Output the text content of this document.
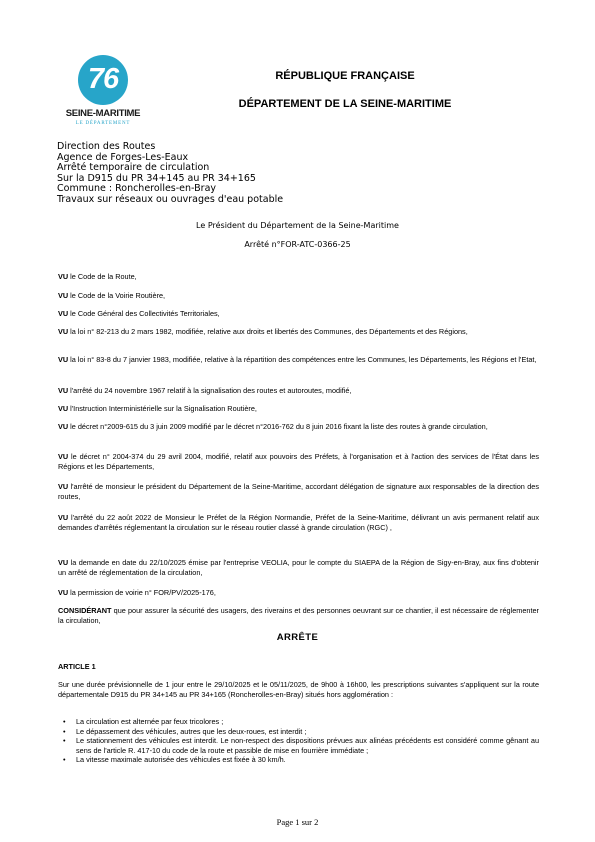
76
SEINE-MARITIME
LE DÉPARTEMENT
RÉPUBLIQUE FRANÇAISE
DÉPARTEMENT DE LA SEINE-MARITIME
Direction des Routes
Agence de Forges-Les-Eaux
Arrêté temporaire de circulation
Sur la D915 du PR 34+145 au PR 34+165
Commune : Roncherolles-en-Bray
Travaux sur réseaux ou ouvrages d'eau potable
Le Président du Département de la Seine-Maritime
Arrêté n°FOR-ATC-0366-25
VU le Code de la Route,
VU le Code de la Voirie Routière,
VU le Code Général des Collectivités Territoriales,
VU la loi n° 82-213 du 2 mars 1982, modifiée, relative aux droits et libertés des Communes, des Départements et des Régions,
VU la loi n° 83-8 du 7 janvier 1983, modifiée, relative à la répartition des compétences entre les Communes, les Départements, les Régions et l'Etat,
VU l'arrêté du 24 novembre 1967 relatif à la signalisation des routes et autoroutes, modifié,
VU l'Instruction Interministérielle sur la Signalisation Routière,
VU le décret n°2009-615 du 3 juin 2009 modifié par le décret n°2016-762 du 8 juin 2016 fixant la liste des routes à grande circulation,
VU le décret n° 2004-374 du 29 avril 2004, modifié, relatif aux pouvoirs des Préfets, à l'organisation et à l'action des services de l'État dans les Régions et les Départements,
VU l'arrêté de monsieur le président du Département de la Seine-Maritime, accordant délégation de signature aux responsables de la direction des routes,
VU l'arrêté du 22 août 2022 de Monsieur le Préfet de la Région Normandie, Préfet de la Seine-Maritime, délivrant un avis permanent relatif aux demandes d'arrêtés réglementant la circulation sur le réseau routier classé à grande circulation (RGC) ,
VU la demande en date du 22/10/2025 émise par l'entreprise VEOLIA, pour le compte du SIAEPA de la Région de Sigy-en-Bray, aux fins d'obtenir un arrêté de réglementation de la circulation,
VU la permission de voirie n° FOR/PV/2025-176,
CONSIDÉRANT que pour assurer la sécurité des usagers, des riverains et des personnes oeuvrant sur ce chantier, il est nécessaire de réglementer la circulation,
ARRÊTE
ARTICLE 1
Sur une durée prévisionnelle de 1 jour entre le 29/10/2025 et le 05/11/2025, de 9h00 à 16h00, les prescriptions suivantes s'appliquent sur la route départementale D915 du PR 34+145 au PR 34+165 (Roncherolles-en-Bray) situés hors agglomération :
• La circulation est alternée par feux tricolores ;
• Le dépassement des véhicules, autres que les deux-roues, est interdit ;
• Le stationnement des véhicules est interdit. Le non-respect des dispositions prévues aux alinéas précédents est considéré comme gênant au sens de l'article R. 417-10 du code de la route et passible de mise en fourrière immédiate ;
• La vitesse maximale autorisée des véhicules est fixée à 30 km/h.
Page 1 sur 2
